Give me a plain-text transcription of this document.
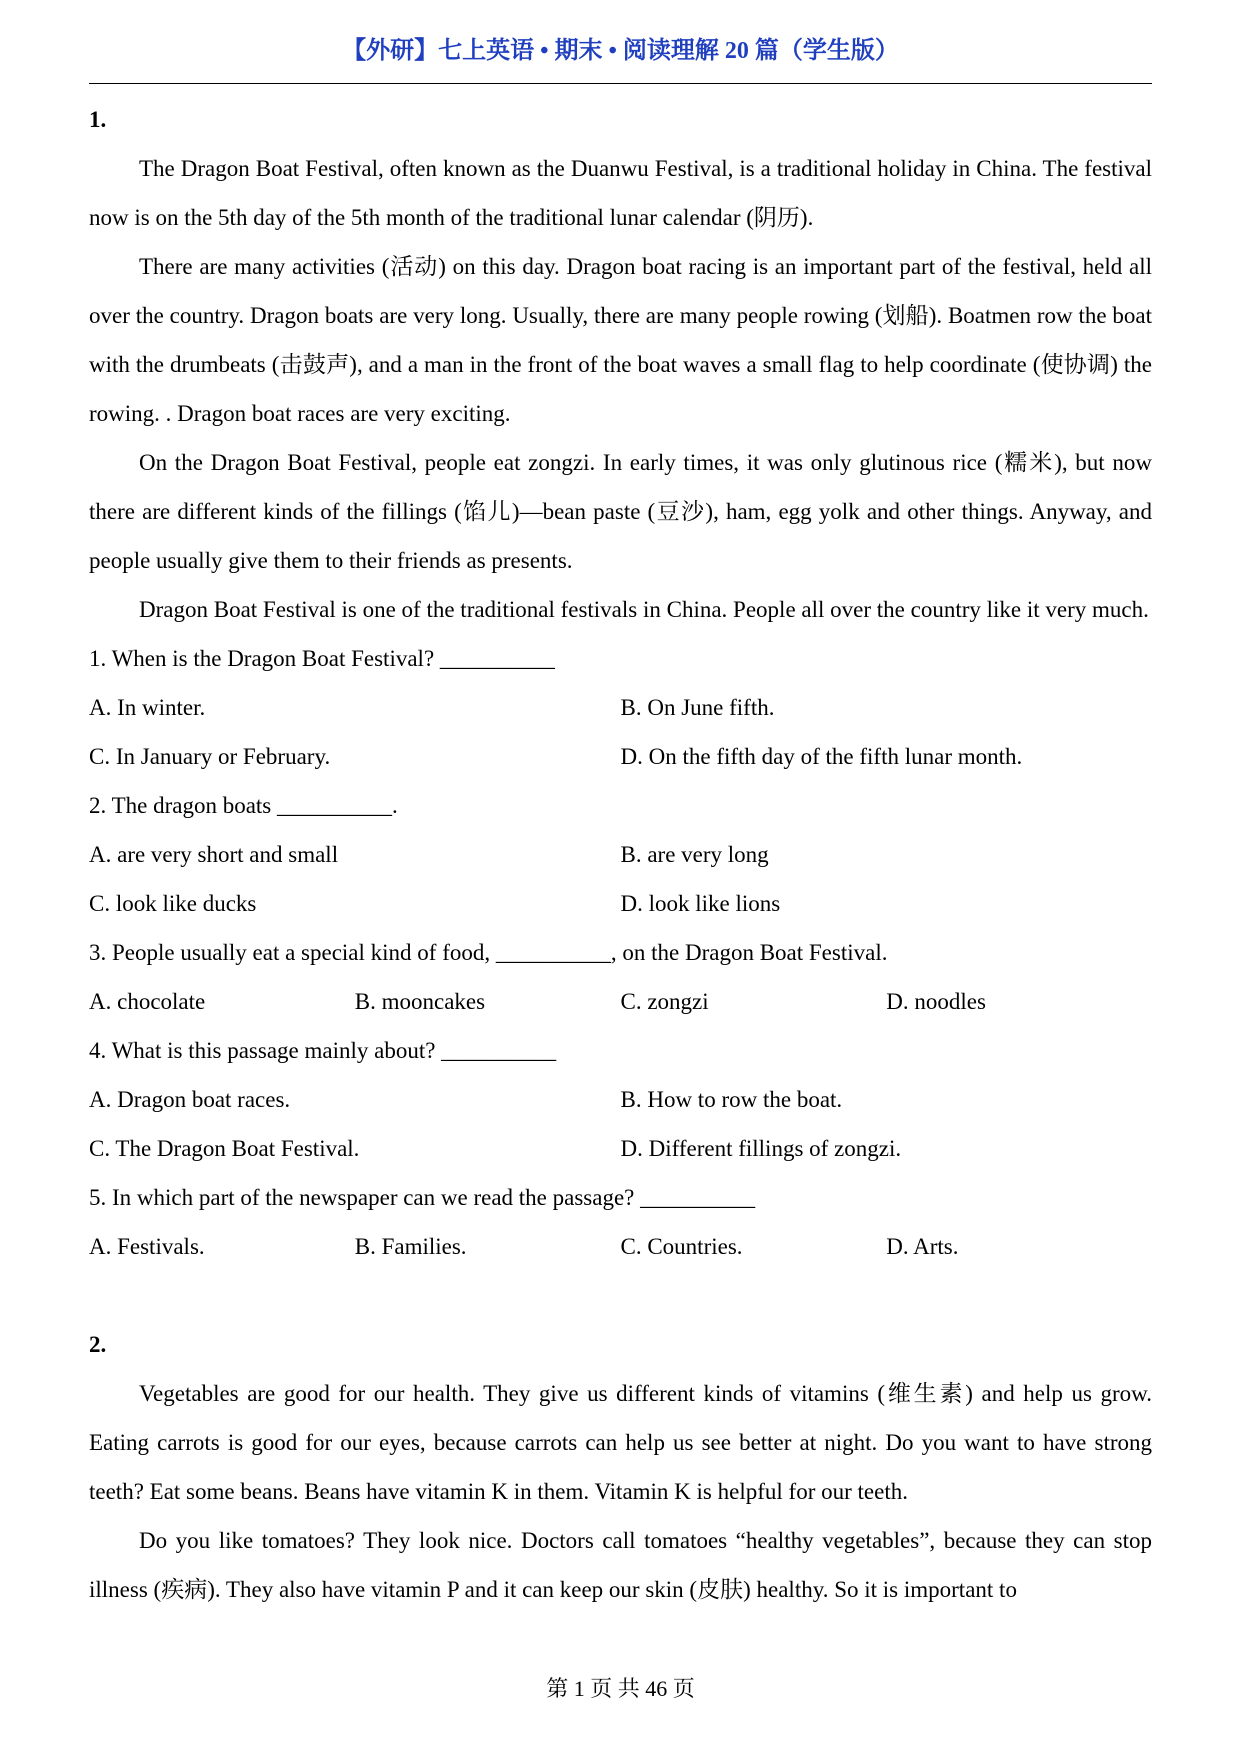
【外研】七上英语 • 期末 • 阅读理解 20 篇（学生版）

1.

The Dragon Boat Festival, often known as the Duanwu Festival, is a traditional holiday in China. The festival now is on the 5th day of the 5th month of the traditional lunar calendar (阴历).

There are many activities (活动) on this day. Dragon boat racing is an important part of the festival, held all over the country. Dragon boats are very long. Usually, there are many people rowing (划船). Boatmen row the boat with the drumbeats (击鼓声), and a man in the front of the boat waves a small flag to help coordinate (使协调) the rowing. . Dragon boat races are very exciting.

On the Dragon Boat Festival, people eat zongzi. In early times, it was only glutinous rice (糯米), but now there are different kinds of the fillings (馅儿)—bean paste (豆沙), ham, egg yolk and other things. Anyway, and people usually give them to their friends as presents.

Dragon Boat Festival is one of the traditional festivals in China. People all over the country like it very much.

1. When is the Dragon Boat Festival? __________

A. In winter.	B. On June fifth.
C. In January or February.	D. On the fifth day of the fifth lunar month.

2. The dragon boats __________.

A. are very short and small	B. are very long
C. look like ducks	D. look like lions

3. People usually eat a special kind of food, __________, on the Dragon Boat Festival.

A. chocolate	B. mooncakes	C. zongzi	D. noodles

4. What is this passage mainly about? __________

A. Dragon boat races.	B. How to row the boat.
C. The Dragon Boat Festival.	D. Different fillings of zongzi.

5. In which part of the newspaper can we read the passage? __________

A. Festivals.	B. Families.	C. Countries.	D. Arts.

2.

Vegetables are good for our health. They give us different kinds of vitamins (维生素) and help us grow. Eating carrots is good for our eyes, because carrots can help us see better at night. Do you want to have strong teeth? Eat some beans. Beans have vitamin K in them. Vitamin K is helpful for our teeth.

Do you like tomatoes? They look nice. Doctors call tomatoes “healthy vegetables”, because they can stop illness (疾病). They also have vitamin P and it can keep our skin (皮肤) healthy. So it is important to

第 1 页 共 46 页
